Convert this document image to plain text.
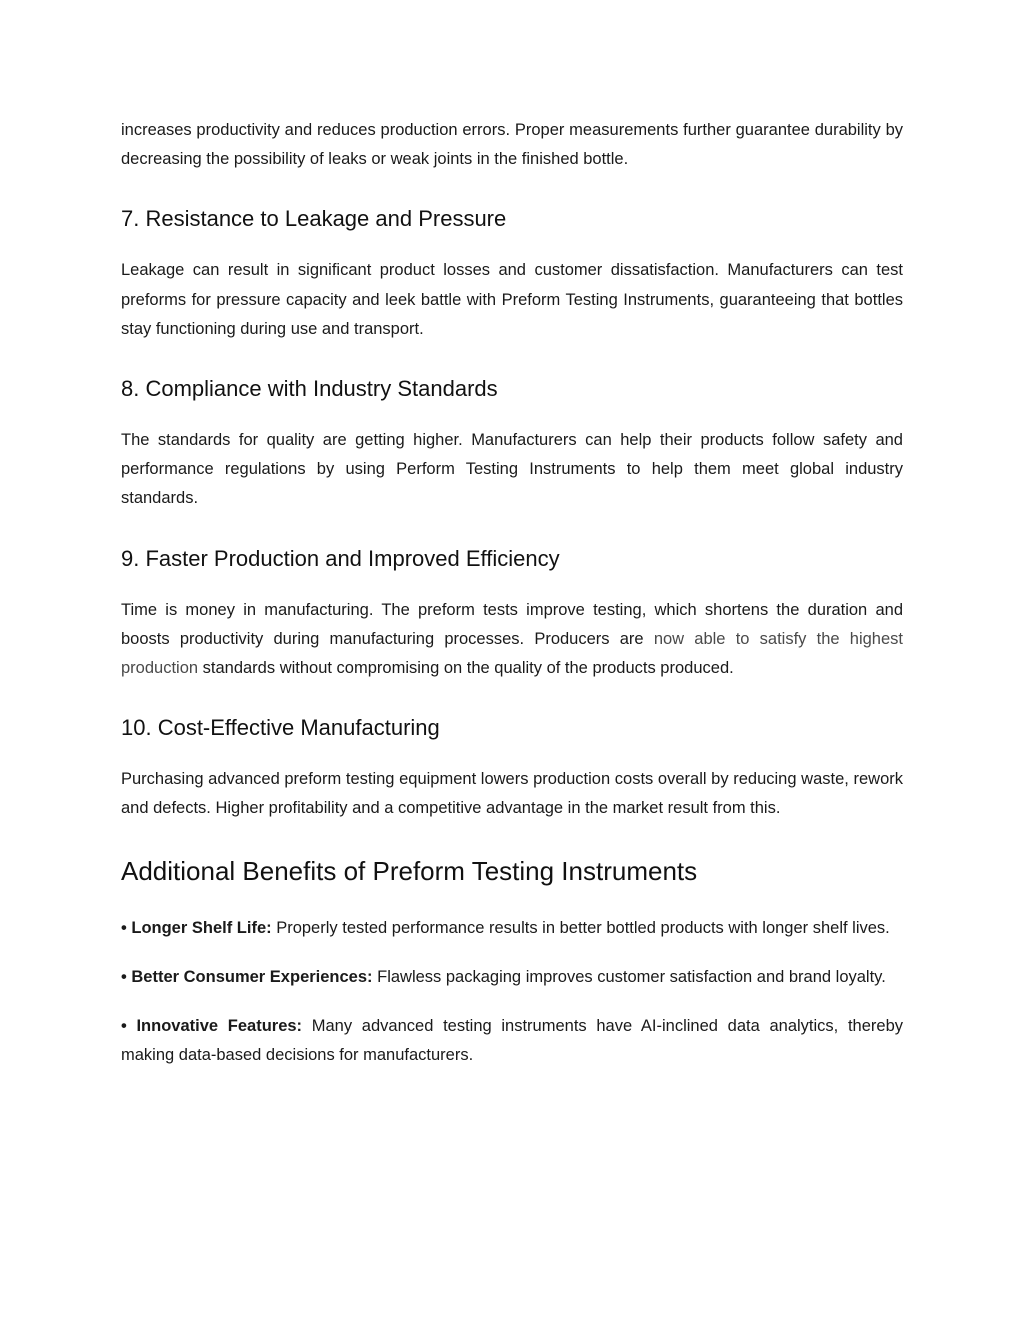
increases productivity and reduces production errors. Proper measurements further guarantee durability by decreasing the possibility of leaks or weak joints in the finished bottle.

7. Resistance to Leakage and Pressure

Leakage can result in significant product losses and customer dissatisfaction. Manufacturers can test preforms for pressure capacity and leek battle with Preform Testing Instruments, guaranteeing that bottles stay functioning during use and transport.

8. Compliance with Industry Standards

The standards for quality are getting higher. Manufacturers can help their products follow safety and performance regulations by using Perform Testing Instruments to help them meet global industry standards.

9. Faster Production and Improved Efficiency

Time is money in manufacturing. The preform tests improve testing, which shortens the duration and boosts productivity during manufacturing processes. Producers are now able to satisfy the highest production standards without compromising on the quality of the products produced.

10. Cost-Effective Manufacturing

Purchasing advanced preform testing equipment lowers production costs overall by reducing waste, rework and defects. Higher profitability and a competitive advantage in the market result from this.

Additional Benefits of Preform Testing Instruments

• Longer Shelf Life: Properly tested performance results in better bottled products with longer shelf lives.

• Better Consumer Experiences: Flawless packaging improves customer satisfaction and brand loyalty.

• Innovative Features: Many advanced testing instruments have AI-inclined data analytics, thereby making data-based decisions for manufacturers.
